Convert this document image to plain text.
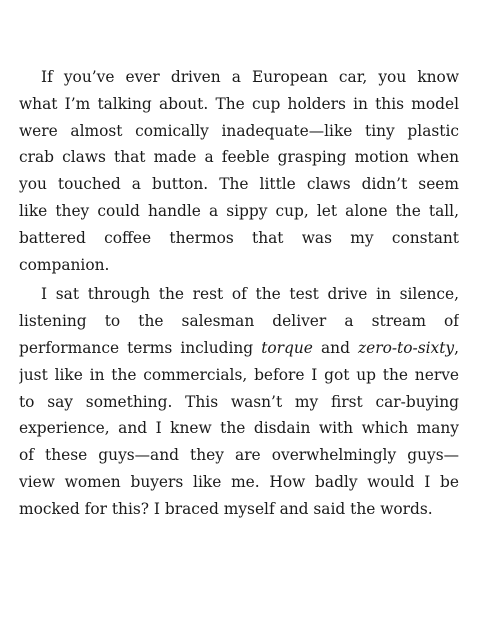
If you’ve ever driven a European car, you know
what I’m talking about. The cup holders in this model
were almost comically inadequate—like tiny plastic
crab claws that made a feeble grasping motion when
you touched a button. The little claws didn’t seem
like they could handle a sippy cup, let alone the tall,
battered coffee thermos that was my constant
companion.
I sat through the rest of the test drive in silence,
listening to the salesman deliver a stream of
performance terms including torque and zero-to-sixty,
just like in the commercials, before I got up the nerve
to say something. This wasn’t my first car-buying
experience, and I knew the disdain with which many
of these guys—and they are overwhelmingly guys—
view women buyers like me. How badly would I be
mocked for this? I braced myself and said the words.
